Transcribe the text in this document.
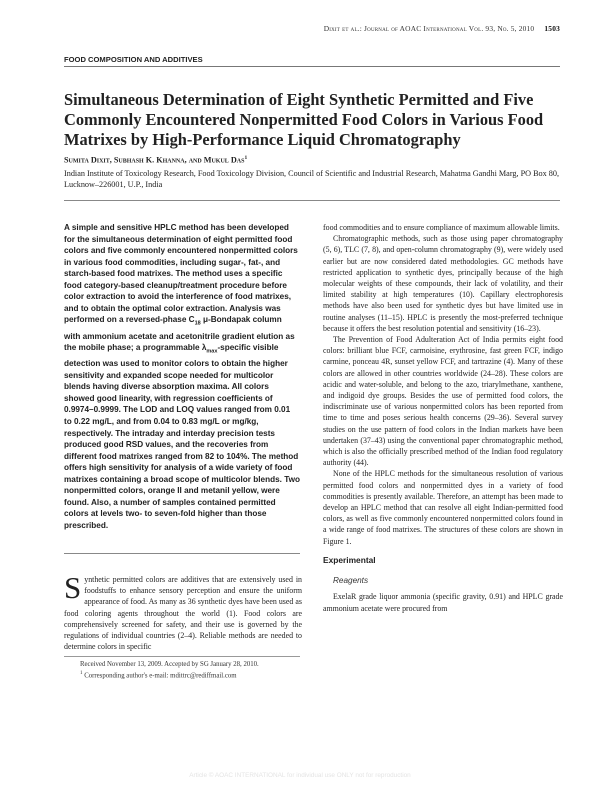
Dixit et al.: Journal of AOAC International Vol. 93, No. 5, 2010 1503
FOOD COMPOSITION AND ADDITIVES
Simultaneous Determination of Eight Synthetic Permitted and Five Commonly Encountered Nonpermitted Food Colors in Various Food Matrixes by High-Performance Liquid Chromatography
Sumita Dixit, Subhash K. Khanna, and Mukul Das$^1$
Indian Institute of Toxicology Research, Food Toxicology Division, Council of Scientific and Industrial Research, Mahatma Gandhi Marg, PO Box 80, Lucknow–226001, U.P., India
A simple and sensitive HPLC method has been developed for the simultaneous determination of eight permitted food colors and five commonly encountered nonpermitted colors in various food commodities, including sugar-, fat-, and starch-based food matrixes. The method uses a specific food category-based cleanup/treatment procedure before color extraction to avoid the interference of food matrixes, and to obtain the optimal color extraction. Analysis was performed on a reversed-phase $C_{18}$ μ-Bondapak column with ammonium acetate and acetonitrile gradient elution as the mobile phase; a programmable $\lambda_{max}$-specific visible detection was used to monitor colors to obtain the higher sensitivity and expanded scope needed for multicolor blends having diverse absorption maxima. All colors showed good linearity, with regression coefficients of 0.9974–0.9999. The LOD and LOQ values ranged from 0.01 to 0.22 mg/L, and from 0.04 to 0.83 mg/L or mg/kg, respectively. The intraday and interday precision tests produced good RSD values, and the recoveries from different food matrixes ranged from 82 to 104%. The method offers high sensitivity for analysis of a wide variety of food matrixes containing a broad scope of multicolor blends. Two nonpermitted colors, orange II and metanil yellow, were found. Also, a number of samples contained permitted colors at levels two- to seven-fold higher than those prescribed.
Synthetic permitted colors are additives that are extensively used in foodstuffs to enhance sensory perception and ensure the uniform appearance of food. As many as 36 synthetic dyes have been used as food coloring agents throughout the world (1). Food colors are comprehensively screened for safety, and their use is governed by the regulations of individual countries (2–4). Reliable methods are needed to determine colors in specific
Received November 13, 2009. Accepted by SG January 28, 2010.
$^1$ Corresponding author's e-mail: mdittrc@rediffmail.com

food commodities and to ensure compliance of maximum allowable limits.

Chromatographic methods, such as those using paper chromatography (5, 6), TLC (7, 8), and open-column chromatography (9), were widely used earlier but are now considered dated methodologies. GC methods have restricted application to synthetic dyes, principally because of the high molecular weights of these compounds, their lack of volatility, and their limited stability at high temperatures (10). Capillary electrophoresis methods have also been used for synthetic dyes but have limited use in routine analyses (11–15). HPLC is presently the most-preferred technique because it offers the best resolution potential and sensitivity (16–23).

The Prevention of Food Adulteration Act of India permits eight food colors: brilliant blue FCF, carmoisine, erythrosine, fast green FCF, indigo carmine, ponceau 4R, sunset yellow FCF, and tartrazine (4). Many of these colors are allowed in other countries worldwide (24–28). These colors are acidic and water-soluble, and belong to the azo, triarylmethane, xanthene, and indigoid dye groups. Besides the use of permitted food colors, the indiscriminate use of various nonpermitted colors has been reported from time to time and poses serious health concerns (29–36). Several survey studies on the use pattern of food colors in the Indian markets have been undertaken (37–43) using the conventional paper chromatographic method, which is also the officially prescribed method of the Indian food regulatory authority (44).

None of the HPLC methods for the simultaneous resolution of various permitted food colors and nonpermitted dyes in a variety of food commodities is presently available. Therefore, an attempt has been made to develop an HPLC method that can resolve all eight Indian-permitted food colors, as well as five commonly encountered nonpermitted colors found in a wide range of food matrixes. The structures of these colors are shown in Figure 1.

Experimental
Reagents

ExelaR grade liquor ammonia (specific gravity, 0.91) and HPLC grade ammonium acetate were procured from

Article © AOAC INTERNATIONAL for individual use ONLY not for reproduction
